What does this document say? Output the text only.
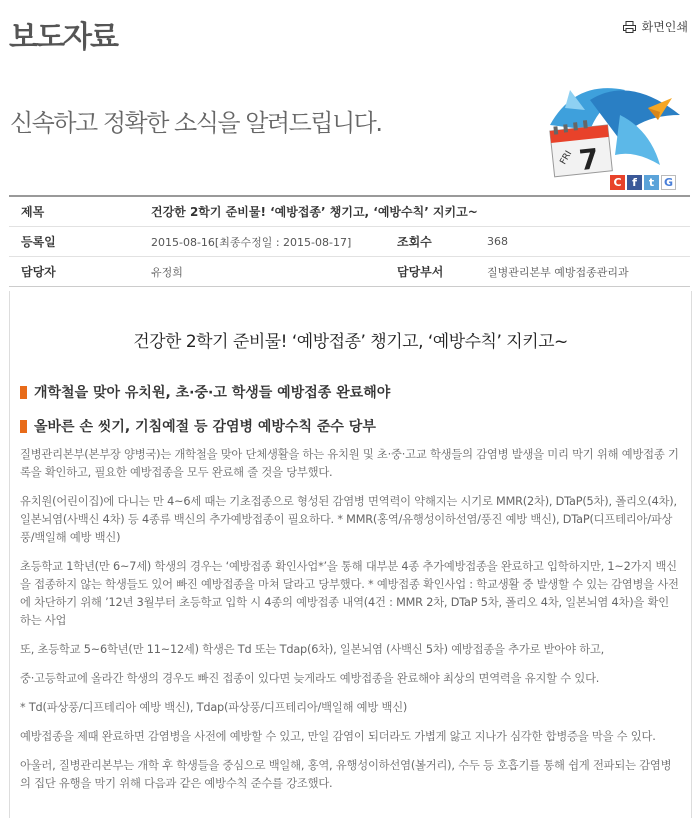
보도자료	화면인쇄
신속하고 정확한 소식을 알려드립니다.
FRI 7
C f	t G
제목	건강한 2학기 준비물! ‘예방접종’ 챙기고, ‘예방수칙’ 지키고~
등록일	2015-08-16[최종수정일 : 2015-08-17]	조회수	368
담당자	유정희	담당부서	질병관리본부 예방접종관리과
건강한 2학기 준비물! ‘예방접종’ 챙기고, ‘예방수칙’ 지키고~
개학철을 맞아 유치원, 초·중·고 학생들 예방접종 완료해야
올바른 손 씻기, 기침예절 등 감염병 예방수칙 준수 당부

질병관리본부(본부장 양병국)는 개학철을 맞아 단체생활을 하는 유치원 및 초·중·고교 학생들의 감염병 발생을 미리 막기 위해 예방접종 기록을 확인하고, 필요한 예방접종을 모두 완료해 줄 것을 당부했다.

유치원(어린이집)에 다니는 만 4~6세 때는 기초접종으로 형성된 감염병 면역력이 약해지는 시기로 MMR(2차), DTaP(5차), 폴리오(4차), 일본뇌염(사백신 4차) 등 4종류 백신의 추가예방접종이 필요하다. * MMR(홍역/유행성이하선염/풍진 예방 백신), DTaP(디프테리아/파상풍/백일해 예방 백신)

초등학교 1학년(만 6~7세) 학생의 경우는 ‘예방접종 확인사업*’을 통해 대부분 4종 추가예방접종을 완료하고 입학하지만, 1~2가지 백신을 접종하지 않는 학생들도 있어 빠진 예방접종을 마쳐 달라고 당부했다. * 예방접종 확인사업 : 학교생활 중 발생할 수 있는 감염병을 사전에 차단하기 위해 ’12년 3월부터 초등학교 입학 시 4종의 예방접종 내역(4건 : MMR 2차, DTaP 5차, 폴리오 4차, 일본뇌염 4차)을 확인하는 사업

또, 초등학교 5~6학년(만 11~12세) 학생은 Td 또는 Tdap(6차), 일본뇌염 (사백신 5차) 예방접종을 추가로 받아야 하고,

중·고등학교에 올라간 학생의 경우도 빠진 접종이 있다면 늦게라도 예방접종을 완료해야 최상의 면역력을 유지할 수 있다.

* Td(파상풍/디프테리아 예방 백신), Tdap(파상풍/디프테리아/백일해 예방 백신)

예방접종을 제때 완료하면 감염병을 사전에 예방할 수 있고, 만일 감염이 되더라도 가볍게 앓고 지나가 심각한 합병증을 막을 수 있다.

아울러, 질병관리본부는 개학 후 학생들을 중심으로 백일해, 홍역, 유행성이하선염(볼거리), 수두 등 호흡기를 통해 쉽게 전파되는 감염병의 집단 유행을 막기 위해 다음과 같은 예방수칙 준수를 강조했다.
